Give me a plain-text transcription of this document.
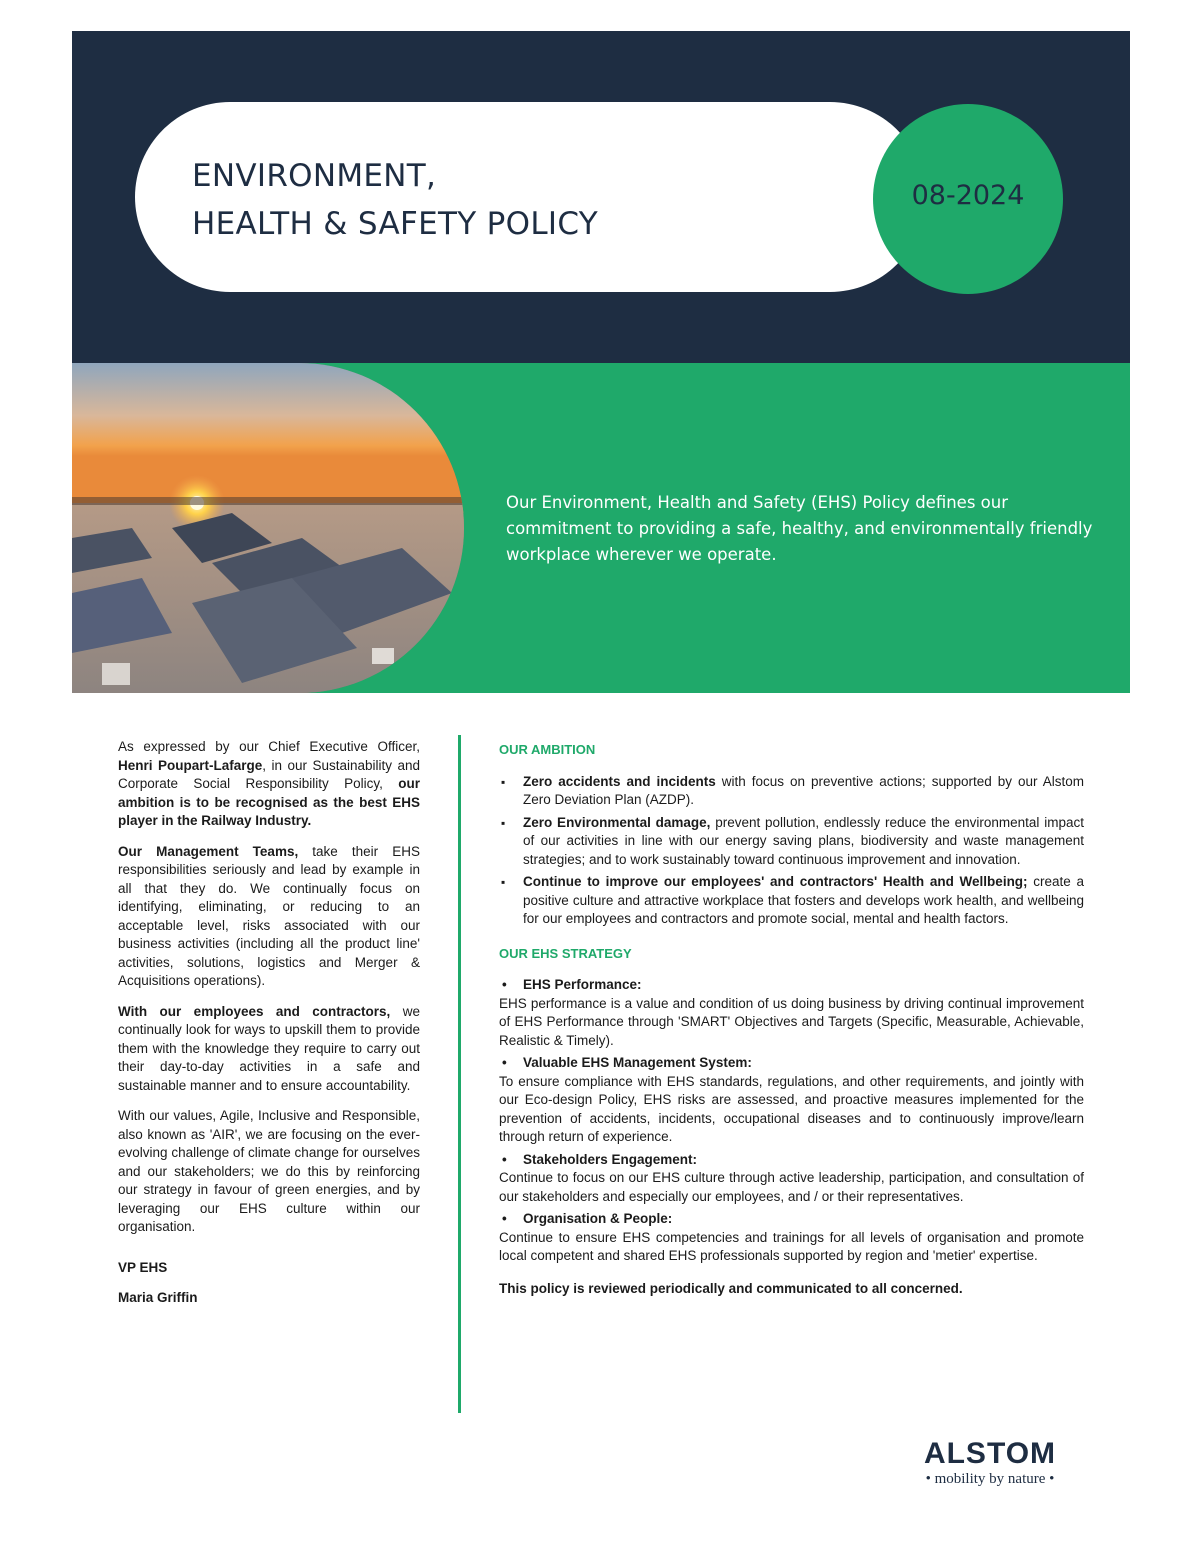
ENVIRONMENT,
HEALTH & SAFETY POLICY
08-2024
Our Environment, Health and Safety (EHS) Policy defines our commitment to providing a safe, healthy, and environmentally friendly workplace wherever we operate.

As expressed by our Chief Executive Officer, Henri Poupart-Lafarge, in our Sustainability and Corporate Social Responsibility Policy, our ambition is to be recognised as the best EHS player in the Railway Industry.

Our Management Teams, take their EHS responsibilities seriously and lead by example in all that they do. We continually focus on identifying, eliminating, or reducing to an acceptable level, risks associated with our business activities (including all the product line' activities, solutions, logistics and Merger & Acquisitions operations).

With our employees and contractors, we continually look for ways to upskill them to provide them with the knowledge they require to carry out their day-to-day activities in a safe and sustainable manner and to ensure accountability.

With our values, Agile, Inclusive and Responsible, also known as 'AIR', we are focusing on the ever-evolving challenge of climate change for ourselves and our stakeholders; we do this by reinforcing our strategy in favour of green energies, and by leveraging our EHS culture within our organisation.

VP EHS
Maria Griffin
OUR AMBITION
▪ Zero accidents and incidents with focus on preventive actions; supported by our Alstom Zero Deviation Plan (AZDP).
▪ Zero Environmental damage, prevent pollution, endlessly reduce the environmental impact of our activities in line with our energy saving plans, biodiversity and waste management strategies; and to work sustainably toward continuous improvement and innovation.
▪ Continue to improve our employees' and contractors' Health and Wellbeing; create a positive culture and attractive workplace that fosters and develops work health, and wellbeing for our employees and contractors and promote social, mental and health factors.
OUR EHS STRATEGY
• EHS Performance:
EHS performance is a value and condition of us doing business by driving continual improvement of EHS Performance through 'SMART' Objectives and Targets (Specific, Measurable, Achievable, Realistic & Timely).
• Valuable EHS Management System:
To ensure compliance with EHS standards, regulations, and other requirements, and jointly with our Eco-design Policy, EHS risks are assessed, and proactive measures implemented for the prevention of accidents, incidents, occupational diseases and to continuously improve/learn through return of experience.
• Stakeholders Engagement:
Continue to focus on our EHS culture through active leadership, participation, and consultation of our stakeholders and especially our employees, and / or their representatives.
• Organisation & People:
Continue to ensure EHS competencies and trainings for all levels of organisation and promote local competent and shared EHS professionals supported by region and 'metier' expertise.
This policy is reviewed periodically and communicated to all concerned.
ALSTOM
• mobility by nature •
